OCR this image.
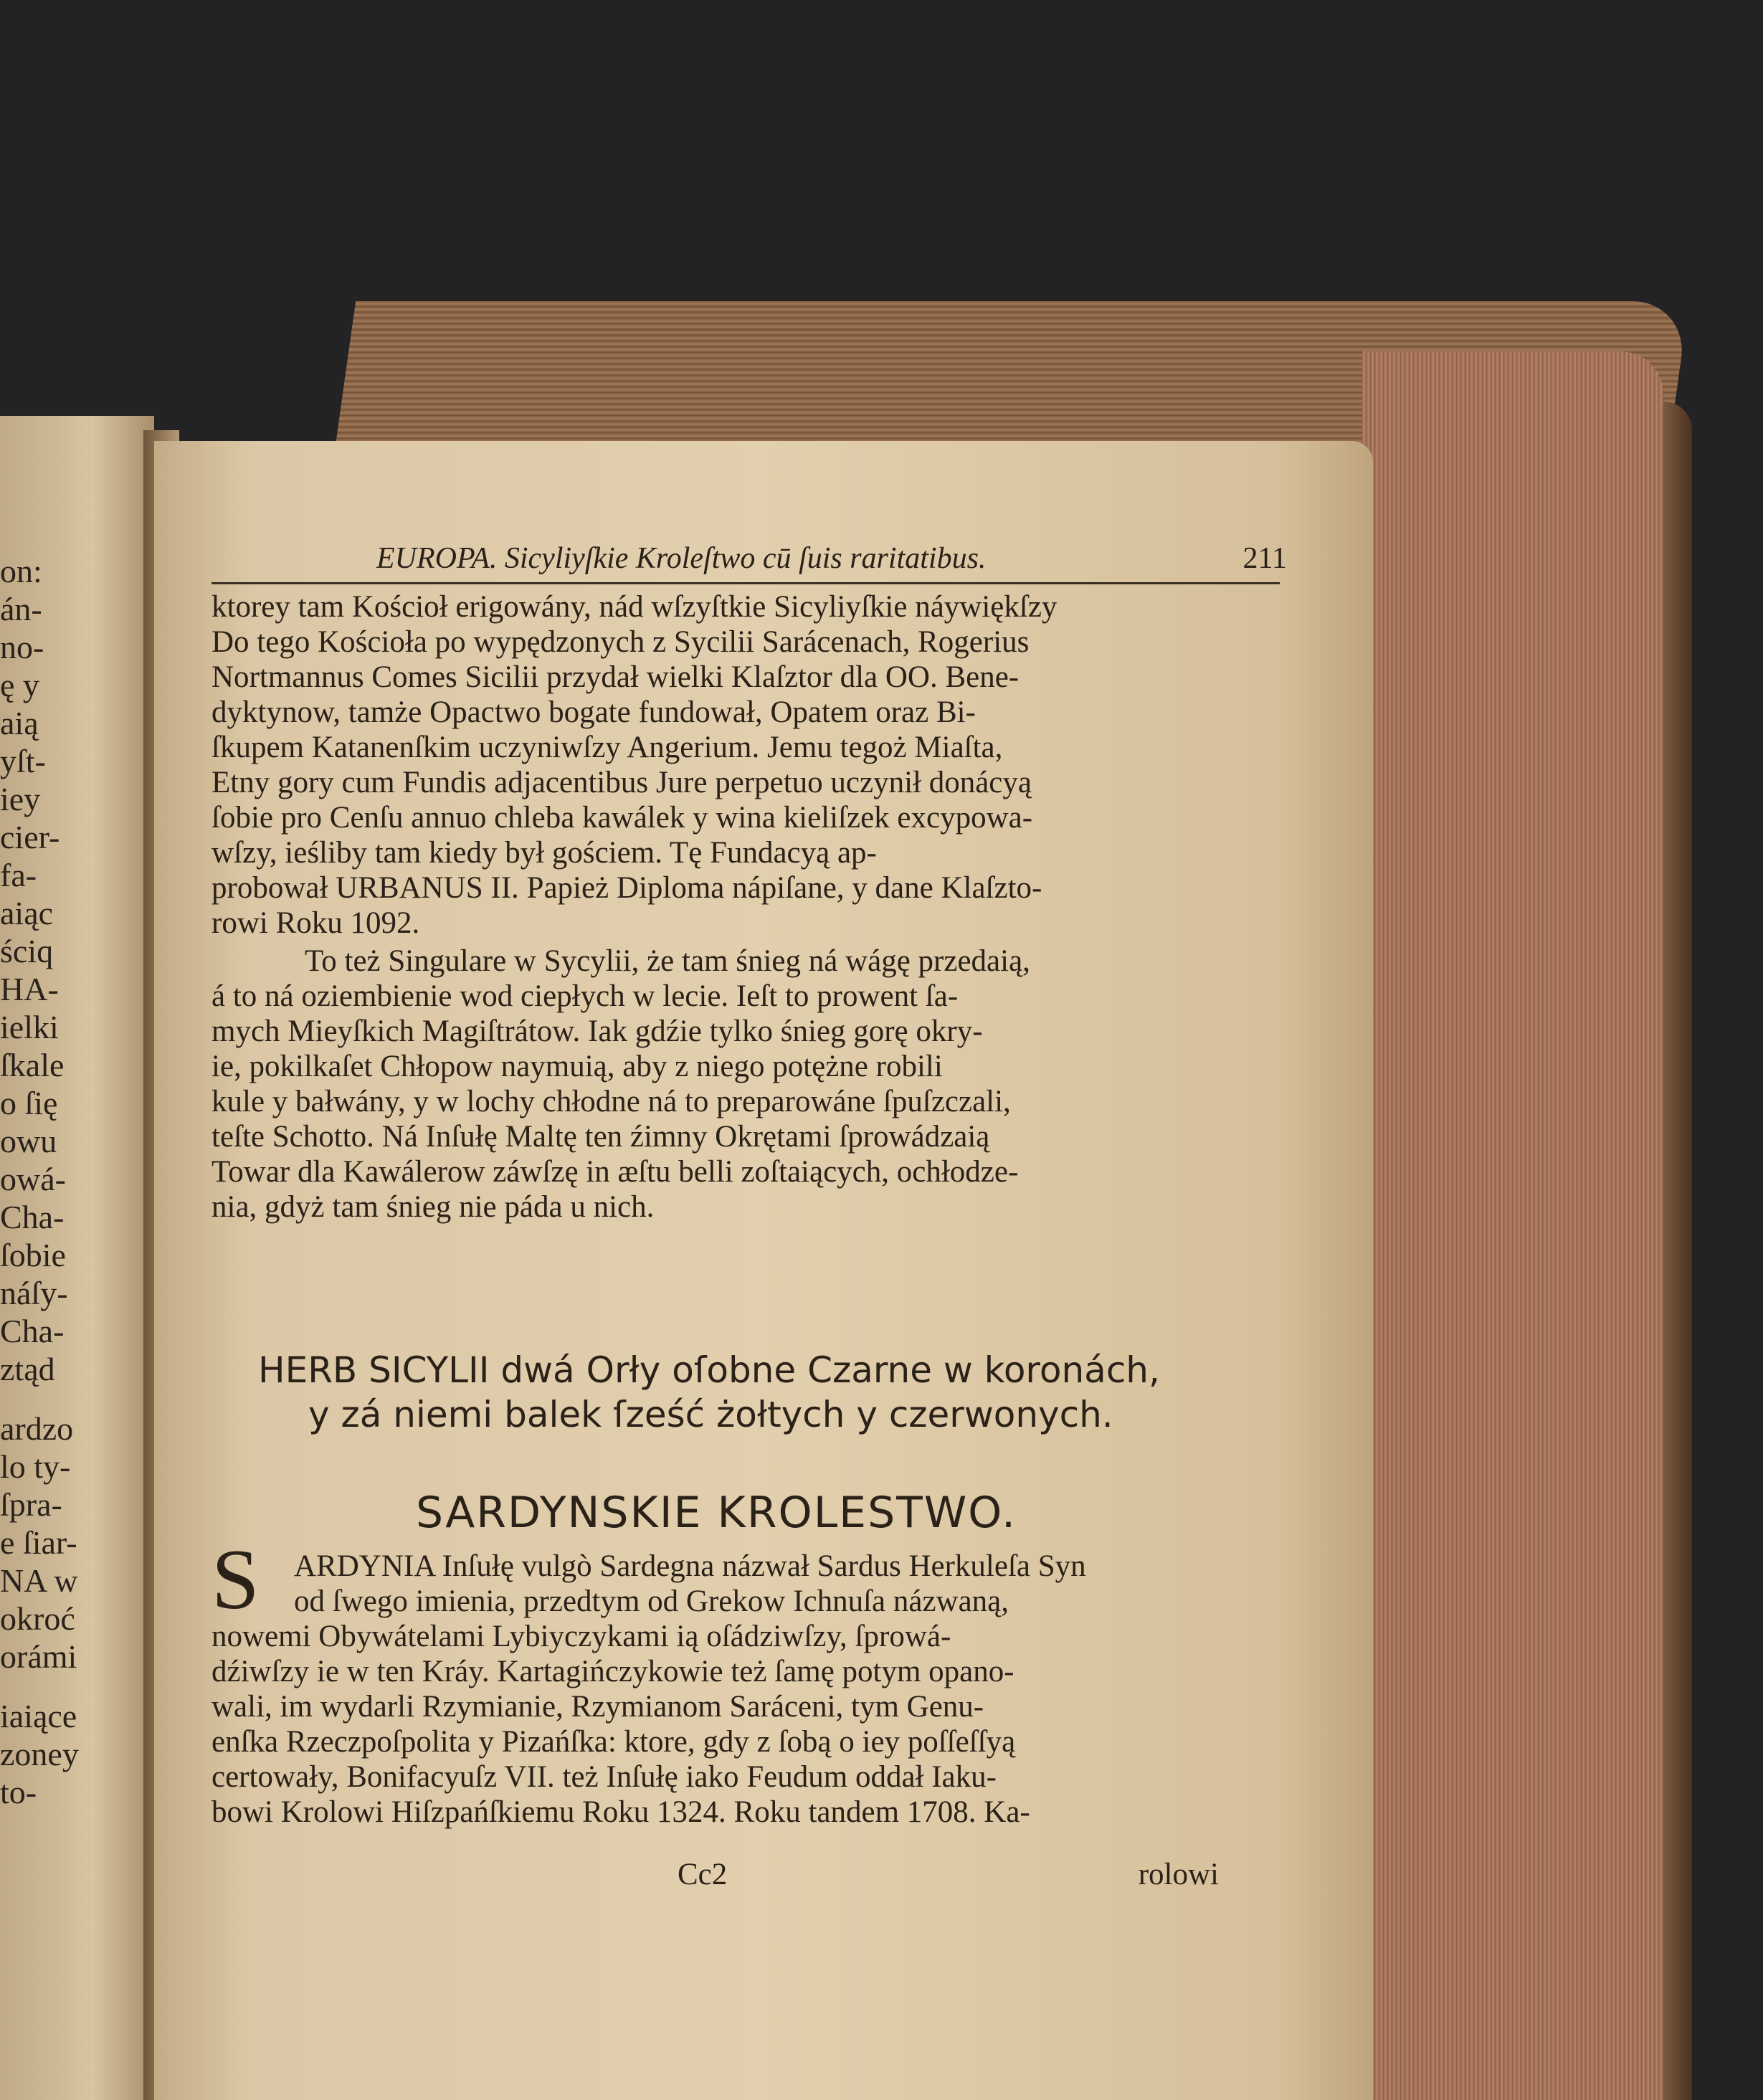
on:
án-
no-
ę y
aią
yſt-
iey
cier-
fa-
aiąc
ściq
HA-
ielki
ſkale
o ſię
owu
owá-
Cha-
ſobie
náſy-
Cha-
ztąd
ardzo
lo ty-
ſpra-
e ſiar-
NA w
okroć
orámi
iaiące
zoney
to-
EUROPA. Sicyliyſkie Kroleſtwo cū ſuis raritatibus.	211
ktorey tam Kościoł erigowány, nád wſzyſtkie Sicyliyſkie náywiękſzy
Do tego Kościoła po wypędzonych z Sycilii Sarácenach, Rogerius
Nortmannus Comes Sicilii przydał wielki Klaſztor dla OO. Bene-
dyktynow, tamże Opactwo bogate fundował, Opatem oraz Bi-
ſkupem Katanenſkim uczyniwſzy Angerium. Jemu tegoż Miaſta,
Etny gory cum Fundis adjacentibus Jure perpetuo uczynił donácyą
ſobie pro Cenſu annuo chleba kawálek y wina kieliſzek excypowa-
wſzy, ieśliby tam kiedy był gościem. Tę Fundacyą ap-
probował URBANUS II. Papież Diploma nápiſane, y dane Klaſzto-
rowi Roku 1092.
To też Singulare w Sycylii, że tam śnieg ná wágę przedaią,
á to ná oziembienie wod ciepłych w lecie. Ieſt to prowent ſa-
mych Mieyſkich Magiſtrátow. Iak gdźie tylko śnieg gorę okry-
ie, pokilkaſet Chłopow naymuią, aby z niego potężne robili
kule y bałwány, y w lochy chłodne ná to preparowáne ſpuſzczali,
teſte Schotto. Ná Inſułę Maltę ten źimny Okrętami ſprowádzaią
Towar dla Kawálerow záwſzę in æſtu belli zoſtaiących, ochłodze-
nia, gdyż tam śnieg nie páda u nich.
HERB SICYLII dwá Orły oſobne Czarne w koronách,
y zá niemi balek ſześć żołtych y czerwonych.
SARDYNSKIE KROLESTWO.
S	ARDYNIA Inſułę vulgò Sardegna názwał Sardus Herkuleſa Syn
od ſwego imienia, przedtym od Grekow Ichnuſa názwaną,
nowemi Obywátelami Lybiyczykami ią oſádziwſzy, ſprowá-
dźiwſzy ie w ten Kráy. Kartagińczykowie też ſamę potym opano-
wali, im wydarli Rzymianie, Rzymianom Saráceni, tym Genu-
enſka Rzeczpoſpolita y Pizańſka: ktore, gdy z ſobą o iey poſſeſſyą
certowały, Bonifacyuſz VII. też Inſułę iako Feudum oddał Iaku-
bowi Krolowi Hiſzpańſkiemu Roku 1324. Roku tandem 1708. Ka-
Cc2	rolowi
